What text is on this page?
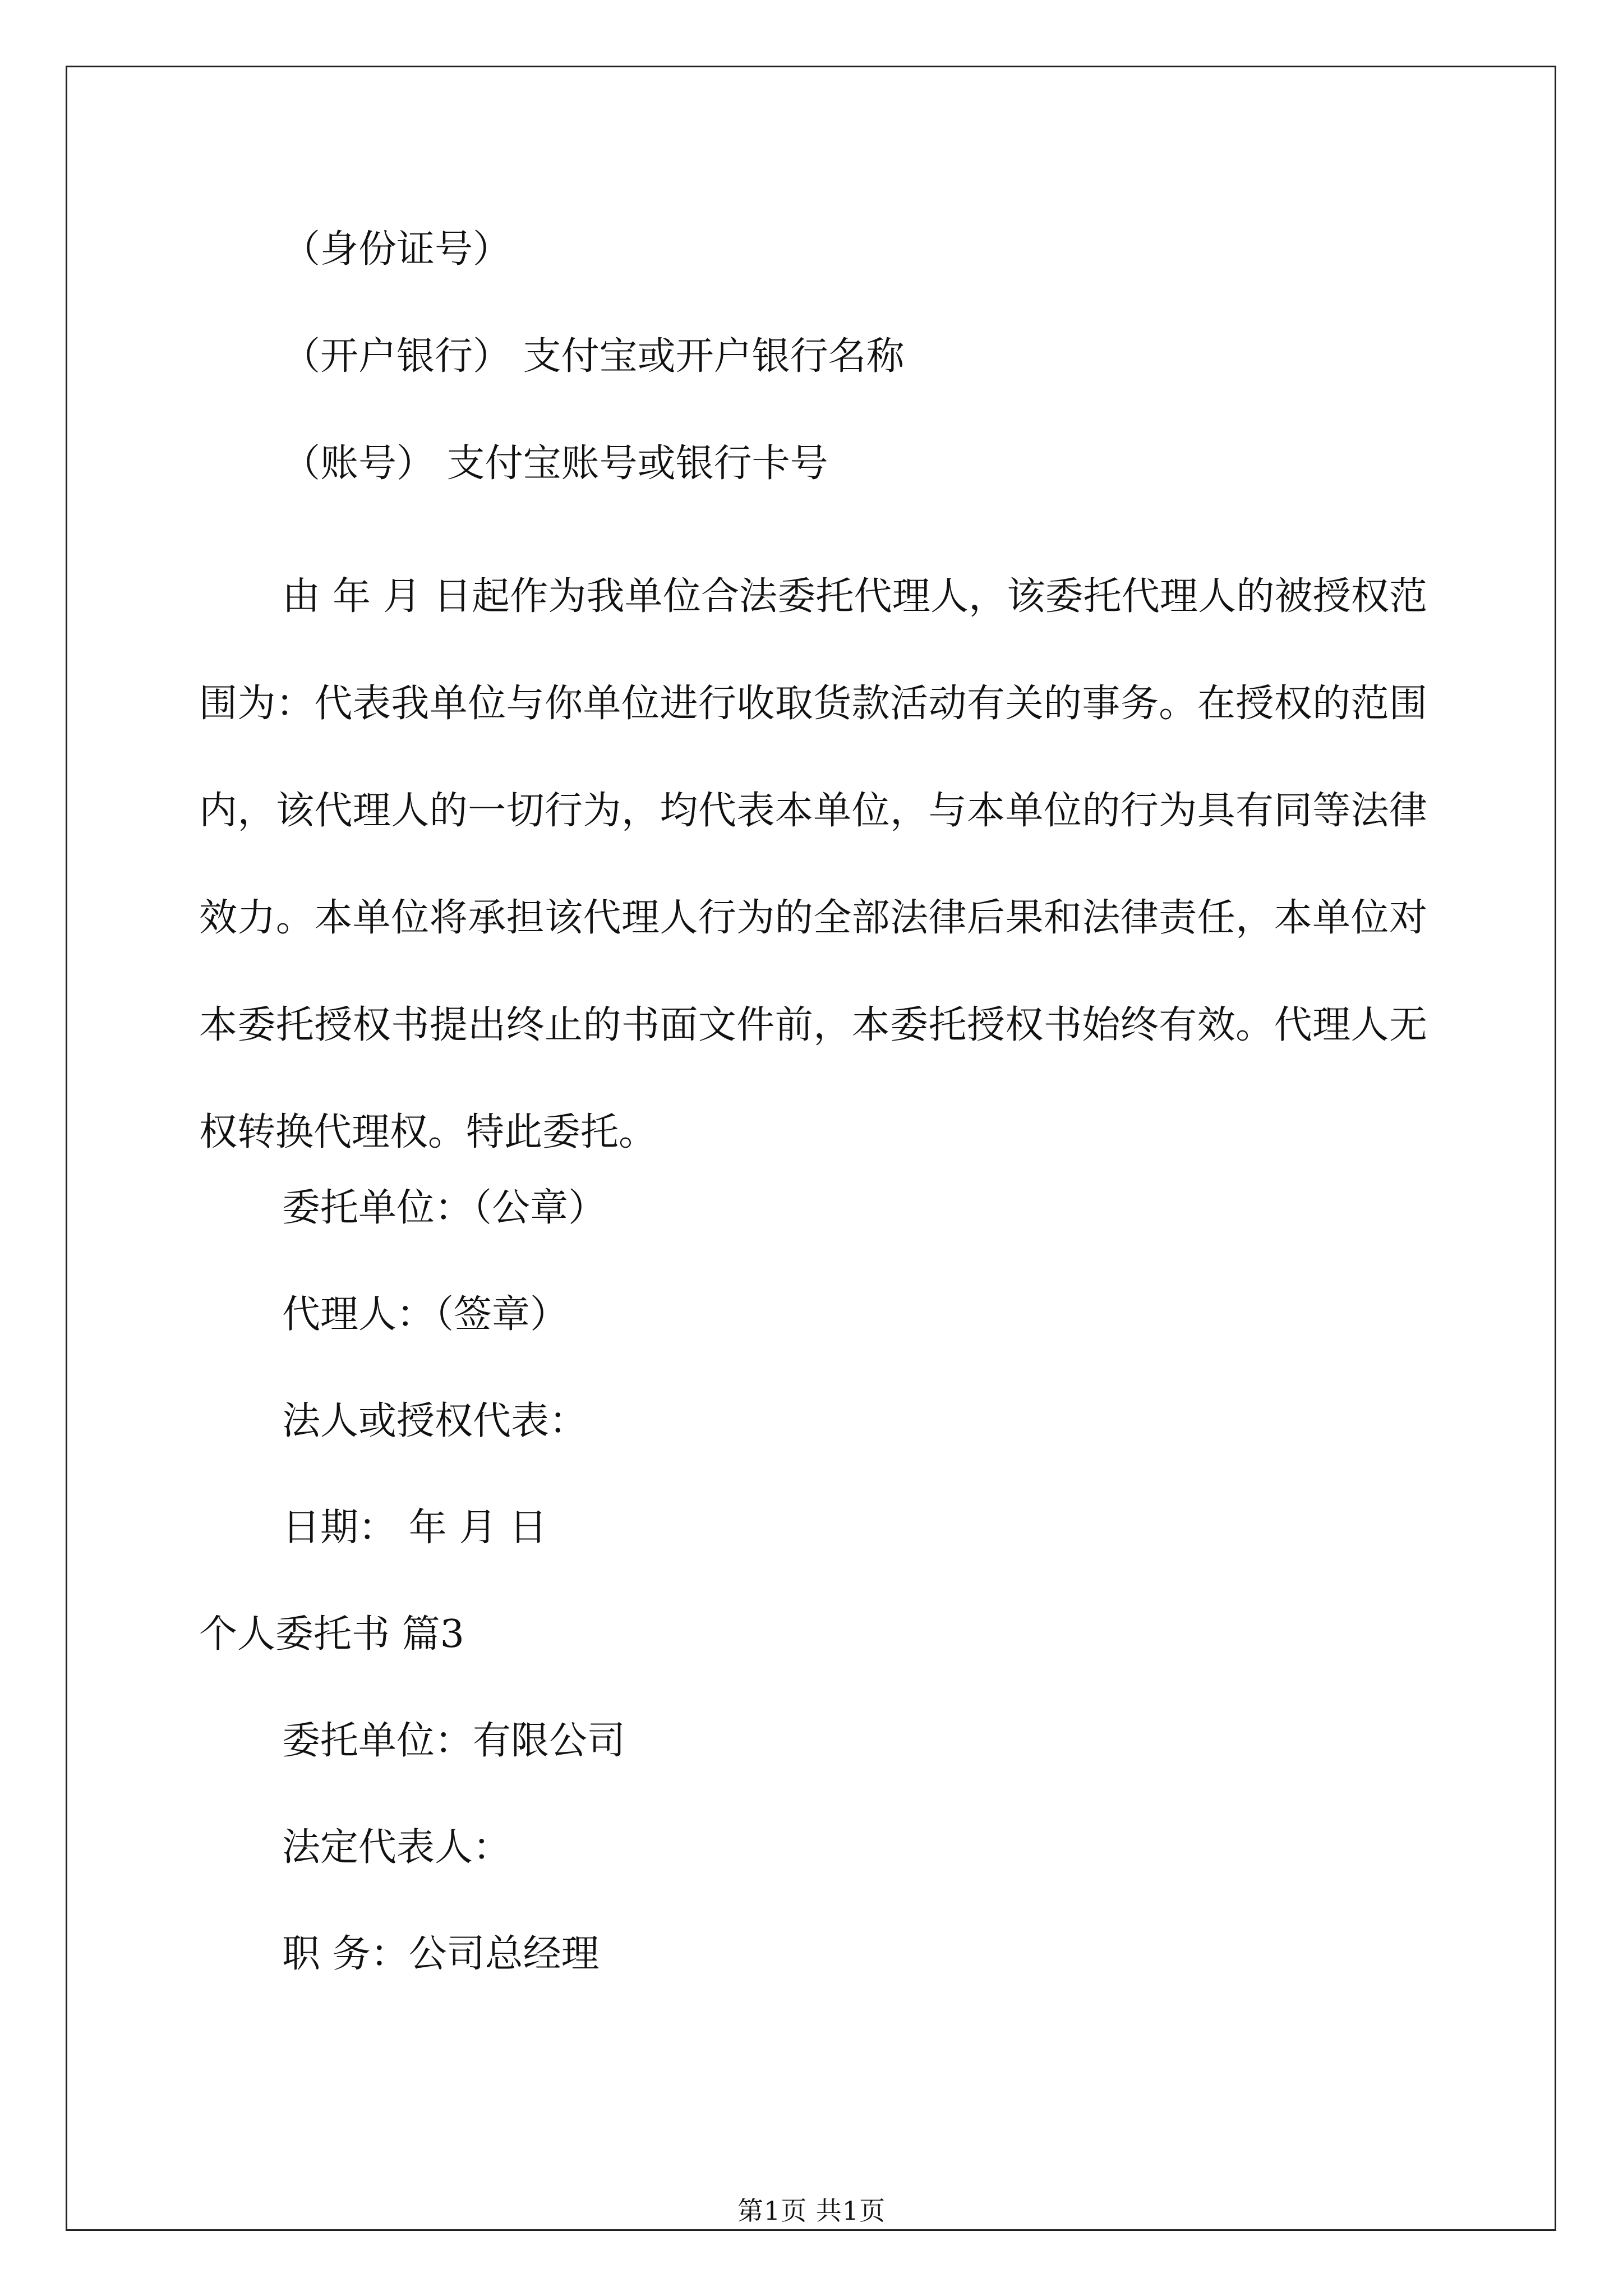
（身份证号）
（开户银行） 支付宝或开户银行名称
（账号） 支付宝账号或银行卡号
由 年 月 日起作为我单位合法委托代理人，该委托代理人的被授权范围为：代表我单位与你单位进行收取货款活动有关的事务。在授权的范围内，该代理人的一切行为，均代表本单位，与本单位的行为具有同等法律效力。本单位将承担该代理人行为的全部法律后果和法律责任，本单位对本委托授权书提出终止的书面文件前，本委托授权书始终有效。代理人无权转换代理权。特此委托。
委托单位：（公章）
代理人：（签章）
法人或授权代表：
日期： 年 月 日
个人委托书 篇3
委托单位：有限公司
法定代表人：
职 务：公司总经理
第1页 共1页
